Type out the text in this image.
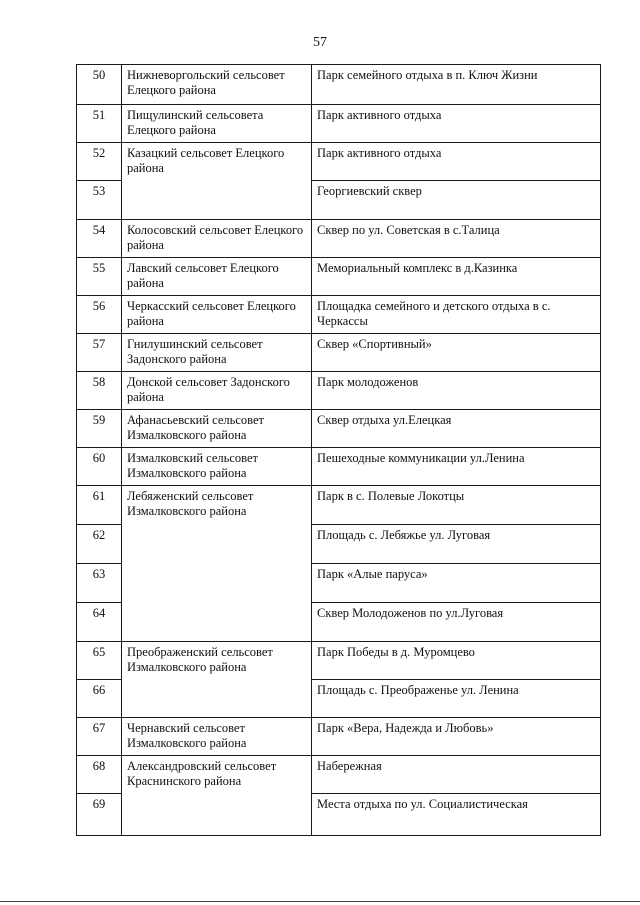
57
50	Нижневоргольский сельсовет Елецкого района	Парк семейного отдыха в п. Ключ Жизни
51	Пищулинский сельсовета Елецкого района	Парк активного отдыха
52	Казацкий сельсовет Елецкого района	Парк активного отдыха
53		Георгиевский сквер
54	Колосовский сельсовет Елецкого района	Сквер по ул. Советская в с.Талица
55	Лавский сельсовет Елецкого района	Мемориальный комплекс в д.Казинка
56	Черкасский сельсовет Елецкого района	Площадка семейного и детского отдыха в с. Черкассы
57	Гнилушинский сельсовет Задонского района	Сквер «Спортивный»
58	Донской сельсовет Задонского района	Парк молодоженов
59	Афанасьевский сельсовет Измалковского района	Сквер отдыха ул.Елецкая
60	Измалковский сельсовет Измалковского района	Пешеходные коммуникации ул.Ленина
61	Лебяженский сельсовет Измалковского района	Парк в с. Полевые Локотцы
62		Площадь с. Лебяжье ул. Луговая
63		Парк «Алые паруса»
64		Сквер Молодоженов по ул.Луговая
65	Преображенский сельсовет Измалковского района	Парк Победы в д. Муромцево
66		Площадь с. Преображенье ул. Ленина
67	Чернавский сельсовет Измалковского района	Парк «Вера, Надежда и Любовь»
68	Александровский сельсовет Краснинского района	Набережная
69		Места отдыха по ул. Социалистическая
